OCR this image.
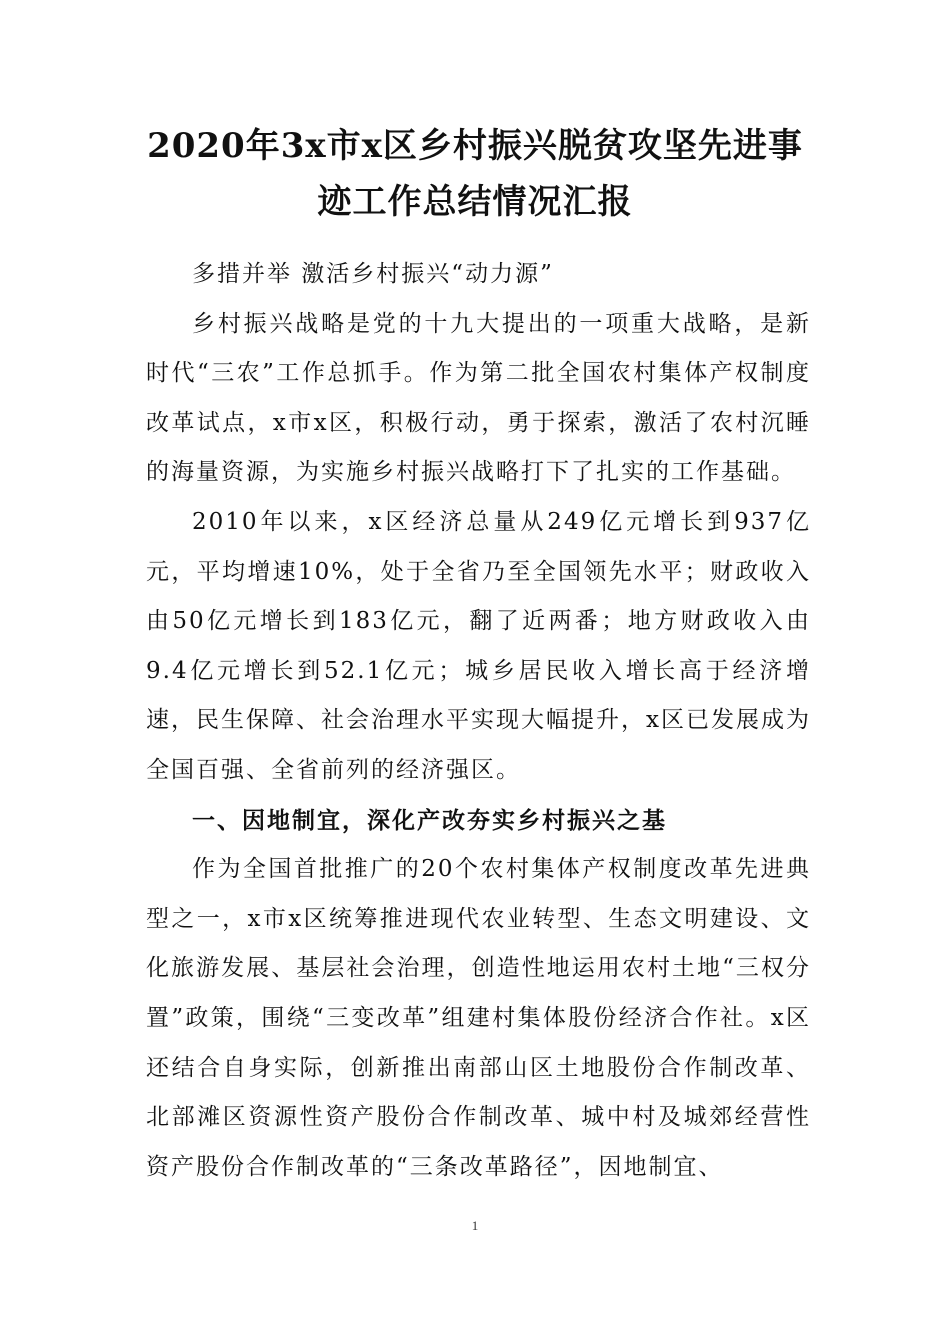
2020年3x市x区乡村振兴脱贫攻坚先进事
迹工作总结情况汇报

多措并举 激活乡村振兴“动力源”

乡村振兴战略是党的十九大提出的一项重大战略，是新时代“三农”工作总抓手。作为第二批全国农村集体产权制度改革试点，x市x区，积极行动，勇于探索，激活了农村沉睡的海量资源，为实施乡村振兴战略打下了扎实的工作基础。

2010年以来，x区经济总量从249亿元增长到937亿元，平均增速10%，处于全省乃至全国领先水平；财政收入由50亿元增长到183亿元，翻了近两番；地方财政收入由9.4亿元增长到52.1亿元；城乡居民收入增长高于经济增速，民生保障、社会治理水平实现大幅提升，x区已发展成为全国百强、全省前列的经济强区。

一、因地制宜，深化产改夯实乡村振兴之基

作为全国首批推广的20个农村集体产权制度改革先进典型之一，x市x区统筹推进现代农业转型、生态文明建设、文化旅游发展、基层社会治理，创造性地运用农村土地“三权分置”政策，围绕“三变改革”组建村集体股份经济合作社。x区还结合自身实际，创新推出南部山区土地股份合作制改革、北部滩区资源性资产股份合作制改革、城中村及城郊经营性资产股份合作制改革的“三条改革路径”，因地制宜、

1
